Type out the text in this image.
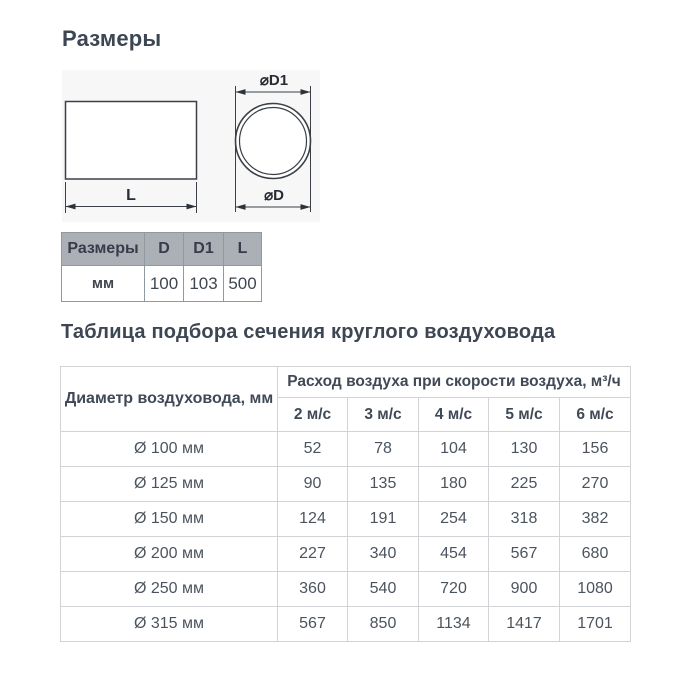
Размеры
L
⌀D1
⌀D
Размеры	D	D1	L
мм	100	103	500
Таблица подбора сечения круглого воздуховода
Диаметр воздуховода, мм	Расход воздуха при скорости воздуха, м³/ч				
	2 м/с	3 м/с	4 м/с	5 м/с	6 м/с
Ø 100 мм	52	78	104	130	156
Ø 125 мм	90	135	180	225	270
Ø 150 мм	124	191	254	318	382
Ø 200 мм	227	340	454	567	680
Ø 250 мм	360	540	720	900	1080
Ø 315 мм	567	850	1134	1417	1701
